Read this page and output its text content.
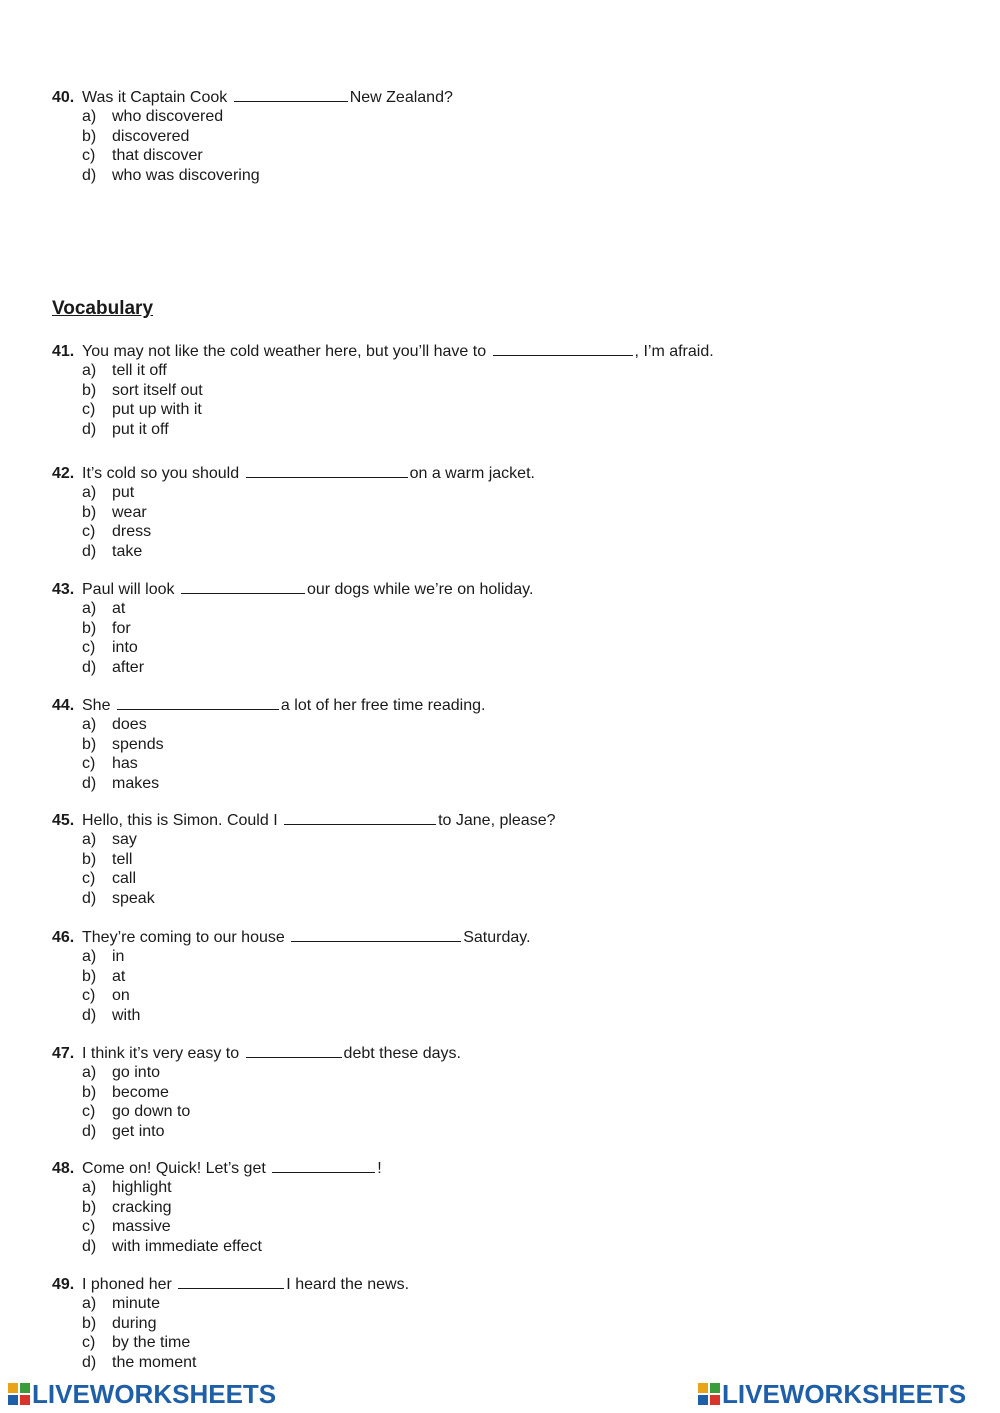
40. Was it Captain Cook	New Zealand?
a) who discovered
b) discovered
c) that discover
d) who was discovering
41. You may not like the cold weather here, but you’ll have to	, I’m afraid.
a) tell it off
b) sort itself out
c) put up with it
d) put it off
42. It’s cold so you should	on a warm jacket.
a) put
b) wear
c) dress
d) take
43. Paul will look	our dogs while we’re on holiday.
a) at
b) for
c) into
d) after
44. She	a lot of her free time reading.
a) does
b) spends
c) has
d) makes
45. Hello, this is Simon. Could I	to Jane, please?
a) say
b) tell
c) call
d) speak
46. They’re coming to our house	Saturday.
a) in
b) at
c) on
d) with
47. I think it’s very easy to	debt these days.
a) go into
b) become
c) go down to
d) get into
48. Come on! Quick! Let’s get	!
a) highlight
b) cracking
c) massive
d) with immediate effect
49. I phoned her	I heard the news.
a) minute
b) during
c) by the time
d) the moment
Vocabulary
LIVEWORKSHEETS	LIVEWORKSHEETS
